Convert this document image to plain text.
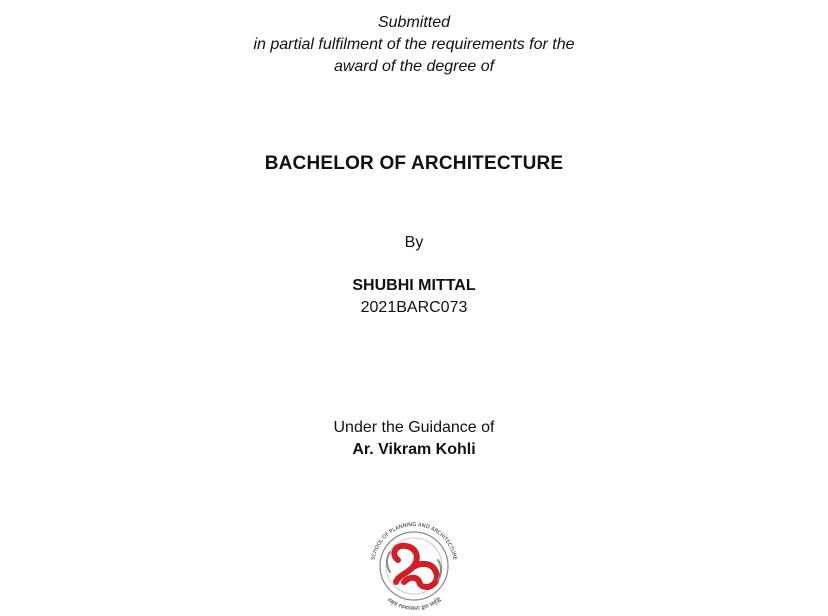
Submitted
in partial fulfilment of the requirements for the
award of the degree of
BACHELOR OF ARCHITECTURE
By
SHUBHI MITTAL
2021BARC073
Under the Guidance of
Ar. Vikram Kohli
SCHOOL OF PLANNING AND ARCHITECTURE
उत्कृष्ट रचनात्मकता द्वारा समृद्धि
